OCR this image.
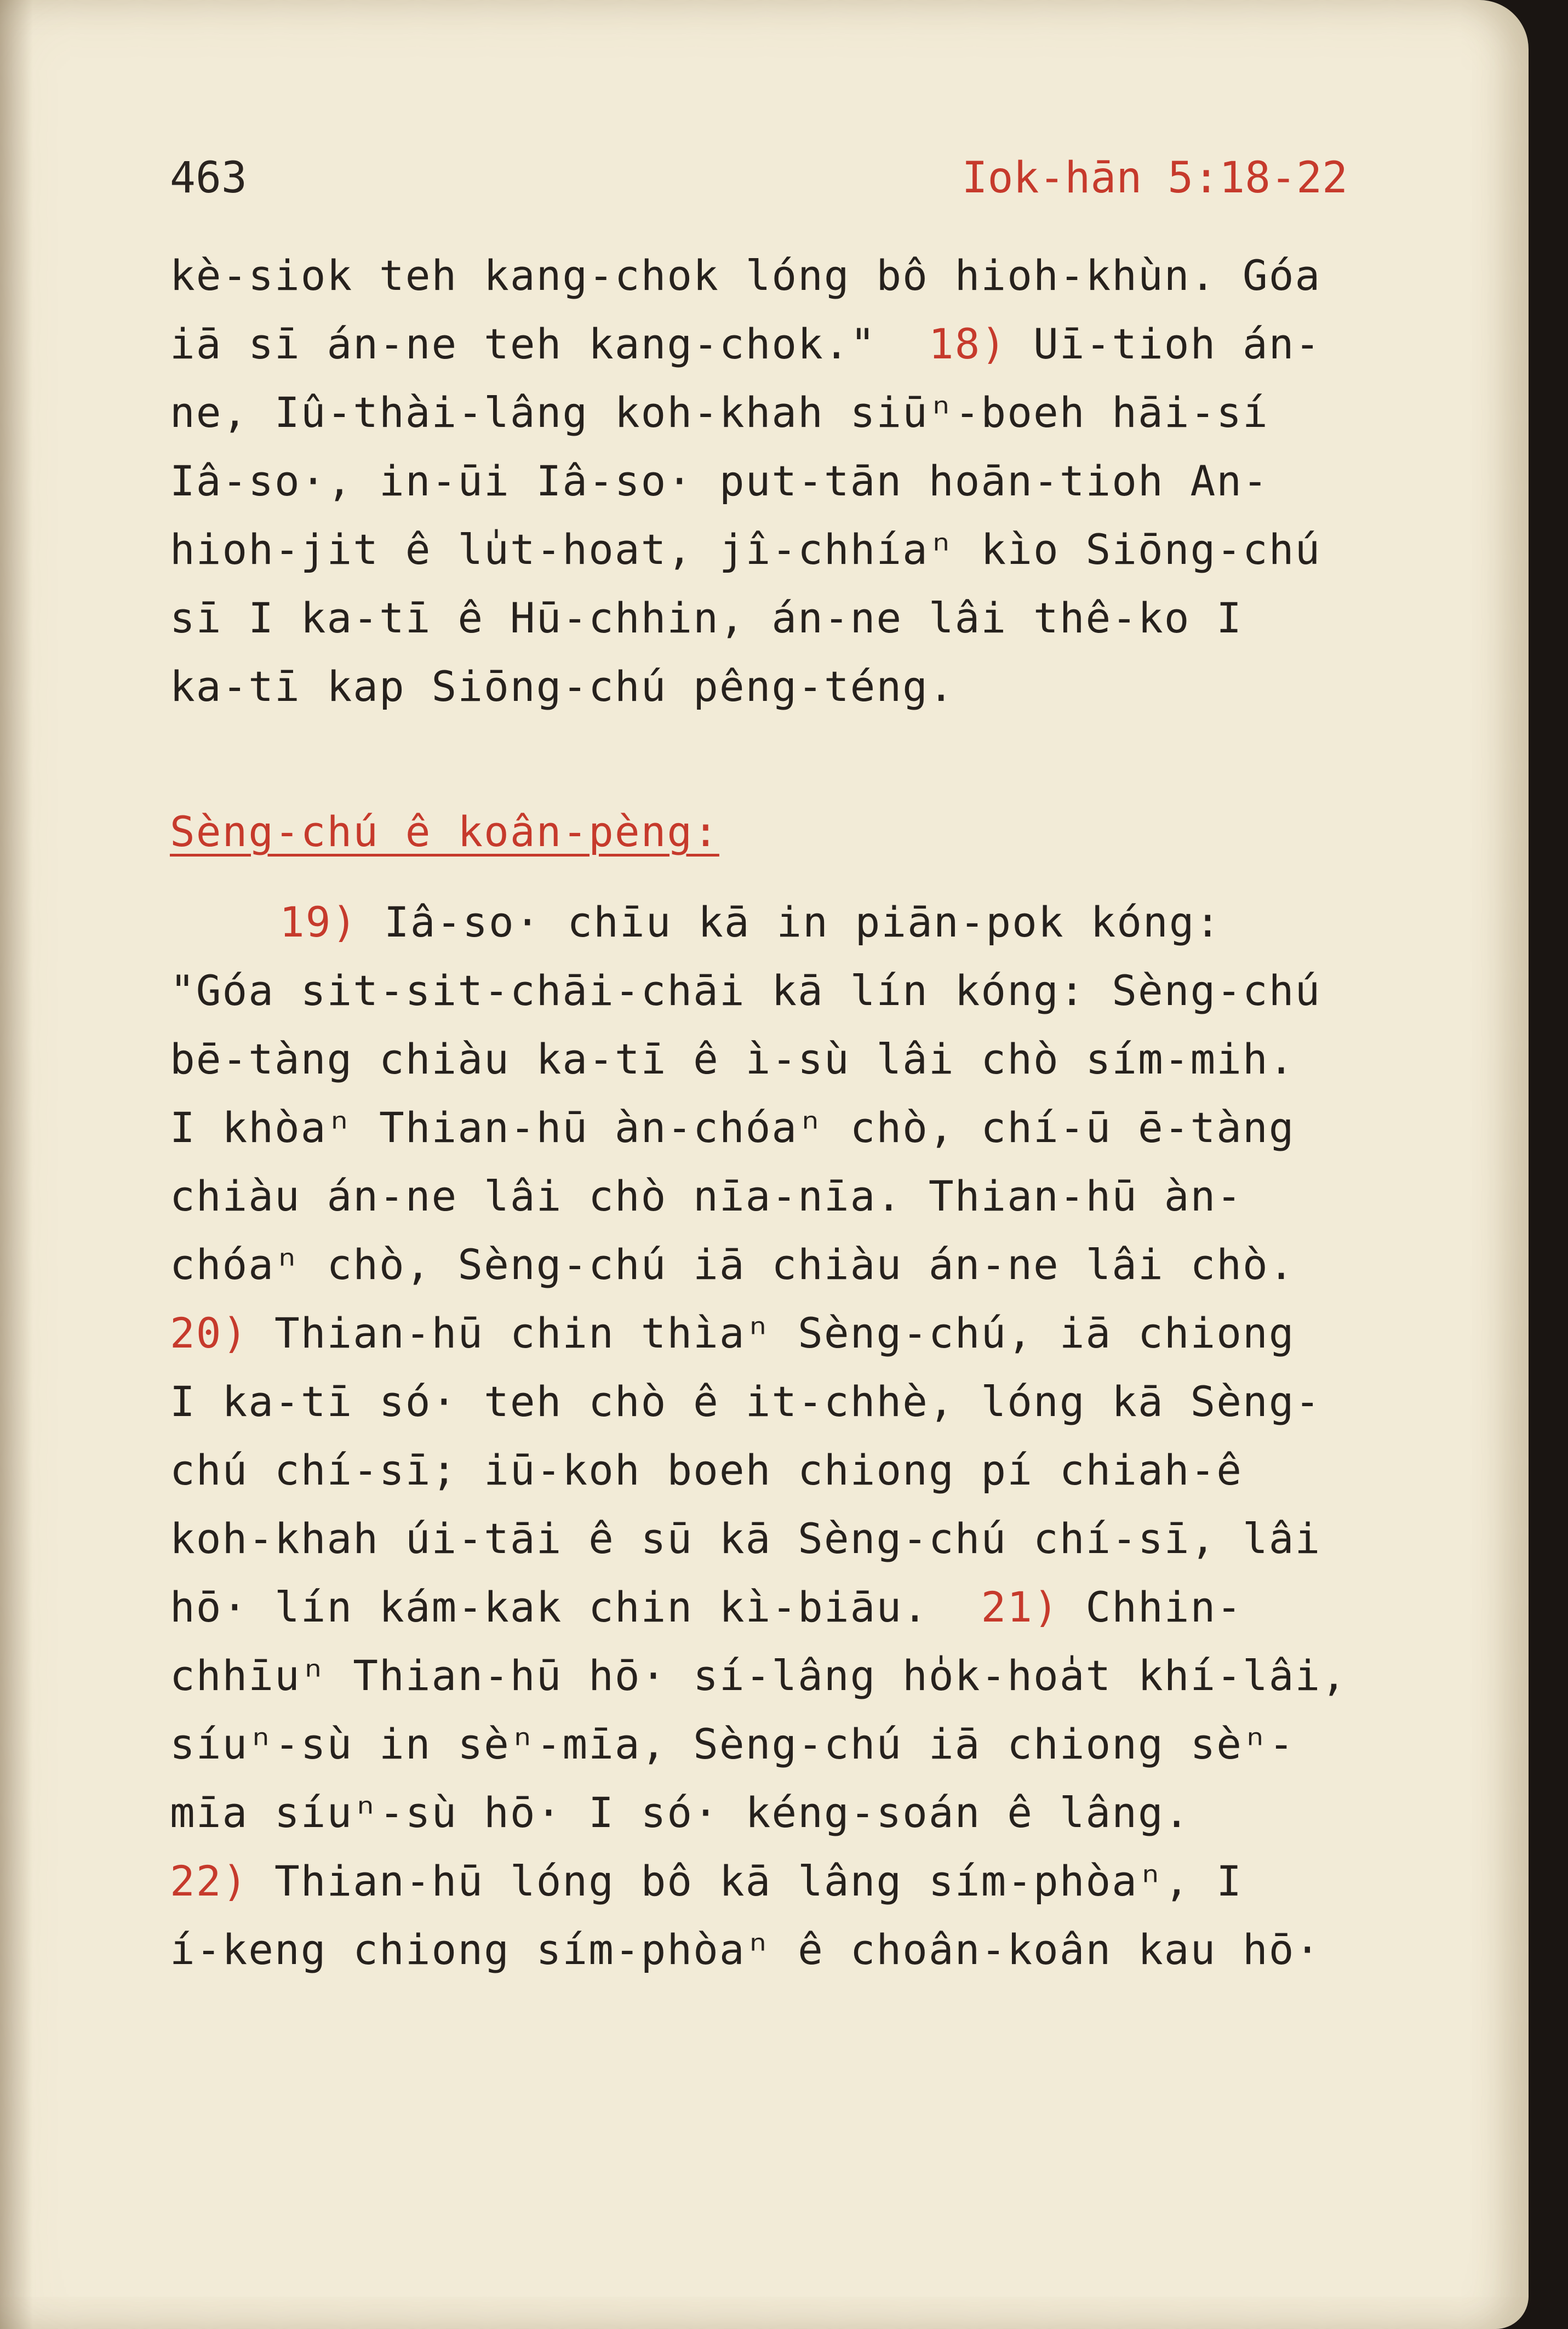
463	Iok-hān 5:18-22
kè-siok teh kang-chok lóng bô hioh-khùn. Góa
iā sī án-ne teh kang-chok."  18) Uī-tioh án-
ne, Iû-thài-lâng koh-khah siūⁿ-boeh hāi-sí
Iâ-so·, in-ūi Iâ-so· put-tān hoān-tioh An-
hioh-jit ê lu̍t-hoat, jî-chhíaⁿ kìo Siōng-chú
sī I ka-tī ê Hū-chhin, án-ne lâi thê-ko I
ka-tī kap Siōng-chú pêng-téng.
Sèng-chú ê koân-pèng:
19) Iâ-so· chīu kā in piān-pok kóng:
"Góa sit-sit-chāi-chāi kā lín kóng: Sèng-chú
bē-tàng chiàu ka-tī ê ì-sù lâi chò sím-mih.
I khòaⁿ Thian-hū àn-chóaⁿ chò, chí-ū ē-tàng
chiàu án-ne lâi chò nīa-nīa. Thian-hū àn-
chóaⁿ chò, Sèng-chú iā chiàu án-ne lâi chò.
20) Thian-hū chin thìaⁿ Sèng-chú, iā chiong
I ka-tī só· teh chò ê it-chhè, lóng kā Sèng-
chú chí-sī; iū-koh boeh chiong pí chiah-ê
koh-khah úi-tāi ê sū kā Sèng-chú chí-sī, lâi
hō· lín kám-kak chin kì-biāu.  21) Chhin-
chhīuⁿ Thian-hū hō· sí-lâng ho̍k-hoa̍t khí-lâi,
síuⁿ-sù in sèⁿ-mīa, Sèng-chú iā chiong sèⁿ-
mīa síuⁿ-sù hō· I só· kéng-soán ê lâng.
22) Thian-hū lóng bô kā lâng sím-phòaⁿ, I
í-keng chiong sím-phòaⁿ ê choân-koân kau hō·
